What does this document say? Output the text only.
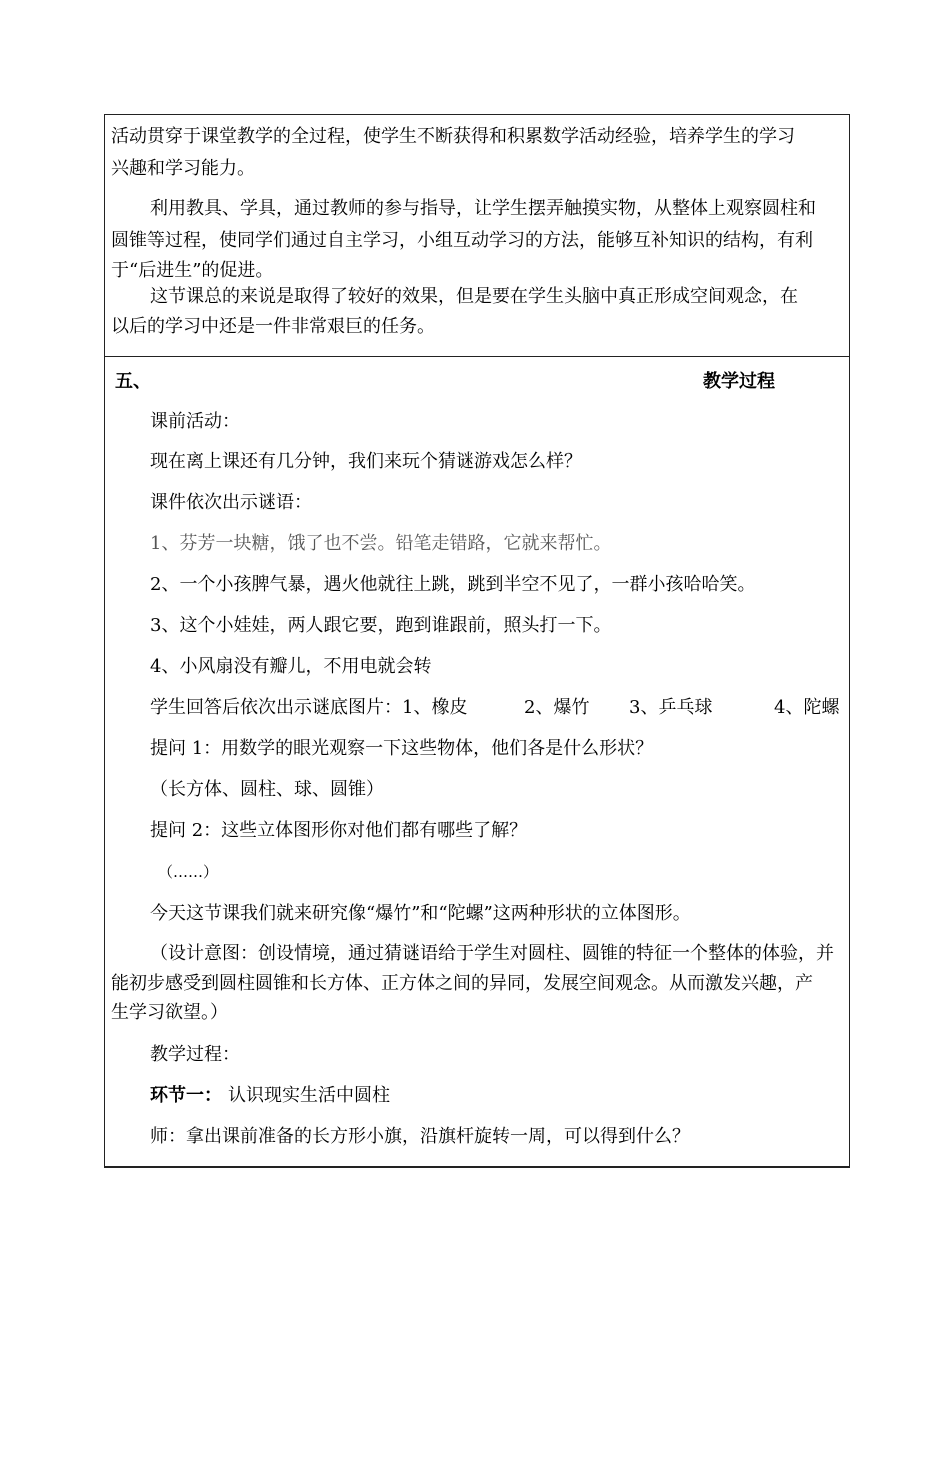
活动贯穿于课堂教学的全过程，使学生不断获得和积累数学活动经验，培养学生的学习
兴趣和学习能力。
利用教具、学具，通过教师的参与指导，让学生摆弄触摸实物，从整体上观察圆柱和
圆锥等过程，使同学们通过自主学习，小组互动学习的方法，能够互补知识的结构，有利
于“后进生”的促进。
这节课总的来说是取得了较好的效果，但是要在学生头脑中真正形成空间观念，在
以后的学习中还是一件非常艰巨的任务。
五、	教学过程
课前活动：
现在离上课还有几分钟，我们来玩个猜谜游戏怎么样？
课件依次出示谜语：
1、芬芳一块糖，饿了也不尝。铅笔走错路，它就来帮忙。
2、一个小孩脾气暴，遇火他就往上跳，跳到半空不见了，一群小孩哈哈笑。
3、这个小娃娃，两人跟它要，跑到谁跟前，照头打一下。
4、小风扇没有瓣儿，不用电就会转
学生回答后依次出示谜底图片：1、橡皮	2、爆竹 3、乒乓球	4、陀螺
提问 1：用数学的眼光观察一下这些物体，他们各是什么形状？
（长方体、圆柱、球、圆锥）
提问 2：这些立体图形你对他们都有哪些了解？
（……）
今天这节课我们就来研究像“爆竹”和“陀螺”这两种形状的立体图形。
（设计意图：创设情境，通过猜谜语给于学生对圆柱、圆锥的特征一个整体的体验，并
能初步感受到圆柱圆锥和长方体、正方体之间的异同，发展空间观念。从而激发兴趣，产
生学习欲望。）
教学过程：
环节一： 认识现实生活中圆柱
师：拿出课前准备的长方形小旗，沿旗杆旋转一周，可以得到什么？
